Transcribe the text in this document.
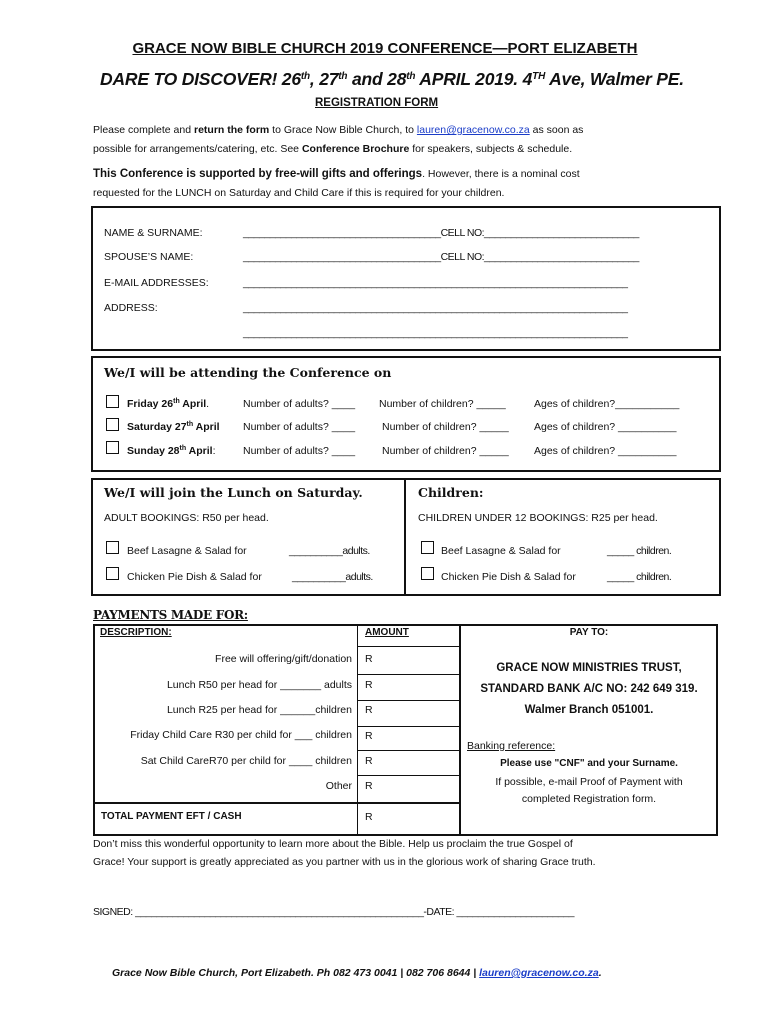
GRACE NOW BIBLE CHURCH 2019 CONFERENCE—PORT ELIZABETH
DARE TO DISCOVER! 26th, 27th and 28th APRIL 2019. 4TH Ave, Walmer PE.
REGISTRATION FORM
Please complete and return the form to Grace Now Bible Church, to lauren@gracenow.co.za as soon as
possible for arrangements/catering, etc. See Conference Brochure for speakers, subjects & schedule.
This Conference is supported by free-will gifts and offerings. However, there is a nominal cost
requested for the LUNCH on Saturday and Child Care if this is required for your children.
NAME & SURNAME:	_____________________________________CELL NO:_____________________________
SPOUSE’S NAME:	_____________________________________CELL NO:_____________________________
E-MAIL ADDRESSES:	________________________________________________________________________
ADDRESS:	________________________________________________________________________
________________________________________________________________________
We/I will be attending the Conference on
Friday 26th April.	Number of adults? ____ Number of children? _____	Ages of children?___________
Saturday 27th April Number of adults? ____	Number of children? _____ Ages of children? __________
Sunday 28th April:	Number of adults? ____	Number of children? _____ Ages of children? __________
We/I will join the Lunch on Saturday.
ADULT BOOKINGS: R50 per head.
Beef Lasagne & Salad for	__________adults.
Chicken Pie Dish & Salad for	__________adults.
Children:
CHILDREN UNDER 12 BOOKINGS: R25 per head.
Beef Lasagne & Salad for	_____ children.
Chicken Pie Dish & Salad for	_____ children.
PAYMENTS MADE FOR:
DESCRIPTION:	AMOUNT
Free will offering/gift/donation R
Lunch R50 per head for _______ adults R
Lunch R25 per head for ______children R
Friday Child Care R30 per child for ___ children R
Sat Child CareR70 per child for ____ children R
Other R
TOTAL PAYMENT EFT / CASH	R
PAY TO:
GRACE NOW MINISTRIES TRUST,
STANDARD BANK A/C NO: 242 649 319.
Walmer Branch 051001.
Banking reference:
Please use "CNF" and your Surname.
If possible, e-mail Proof of Payment with
completed Registration form.
Don’t miss this wonderful opportunity to learn more about the Bible. Help us proclaim the true Gospel of
Grace! Your support is greatly appreciated as you partner with us in the glorious work of sharing Grace truth.
SIGNED: ______________________________________________________-DATE: ______________________
Grace Now Bible Church, Port Elizabeth. Ph 082 473 0041 | 082 706 8644 | lauren@gracenow.co.za.
